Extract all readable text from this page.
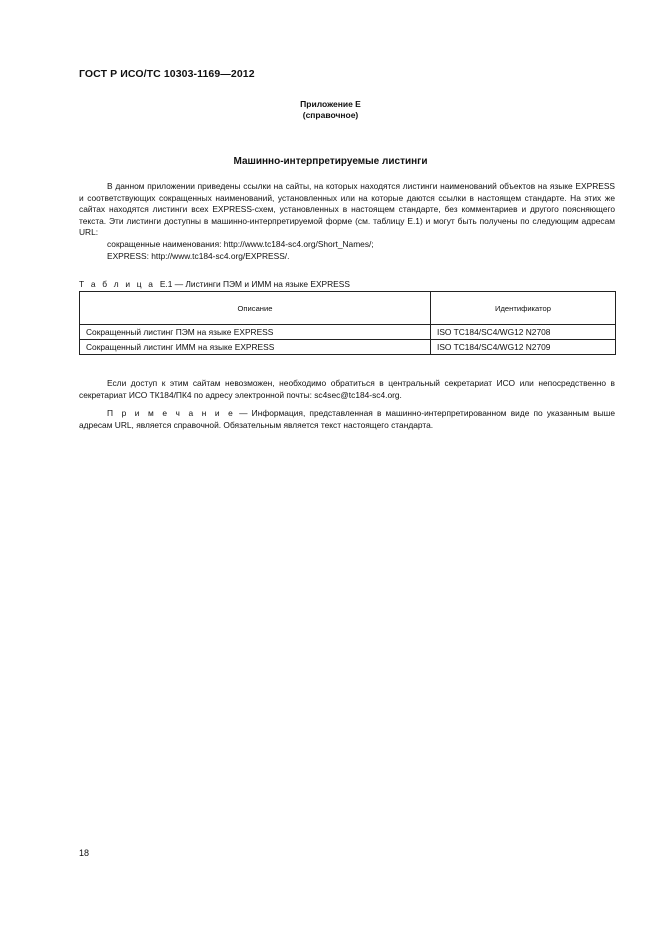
ГОСТ Р ИСО/ТС 10303-1169—2012
Приложение Е
(справочное)
Машинно-интерпретируемые листинги
В данном приложении приведены ссылки на сайты, на которых находятся листинги наименований объектов на языке EXPRESS и соответствующих сокращенных наименований, установленных или на которые даются ссылки в настоящем стандарте. На этих же сайтах находятся листинги всех EXPRESS-схем, установленных в настоящем стандарте, без комментариев и другого поясняющего текста. Эти листинги доступны в машинно-интерпретируемой форме (см. таблицу Е.1) и могут быть получены по следующим адресам URL:
сокращенные наименования: http://www.tc184-sc4.org/Short_Names/;
EXPRESS: http://www.tc184-sc4.org/EXPRESS/.
Т а б л и ц а Е.1 — Листинги ПЭМ и ИММ на языке EXPRESS
Описание	Идентификатор
Сокращенный листинг ПЭМ на языке EXPRESS	ISO TC184/SC4/WG12 N2708
Сокращенный листинг ИММ на языке EXPRESS	ISO TC184/SC4/WG12 N2709
Если доступ к этим сайтам невозможен, необходимо обратиться в центральный секретариат ИСО или непосредственно в секретариат ИСО ТК184/ПК4 по адресу электронной почты: sc4sec@tc184-sc4.org.
П р и м е ч а н и е — Информация, представленная в машинно-интерпретированном виде по указанным выше адресам URL, является справочной. Обязательным является текст настоящего стандарта.
18
